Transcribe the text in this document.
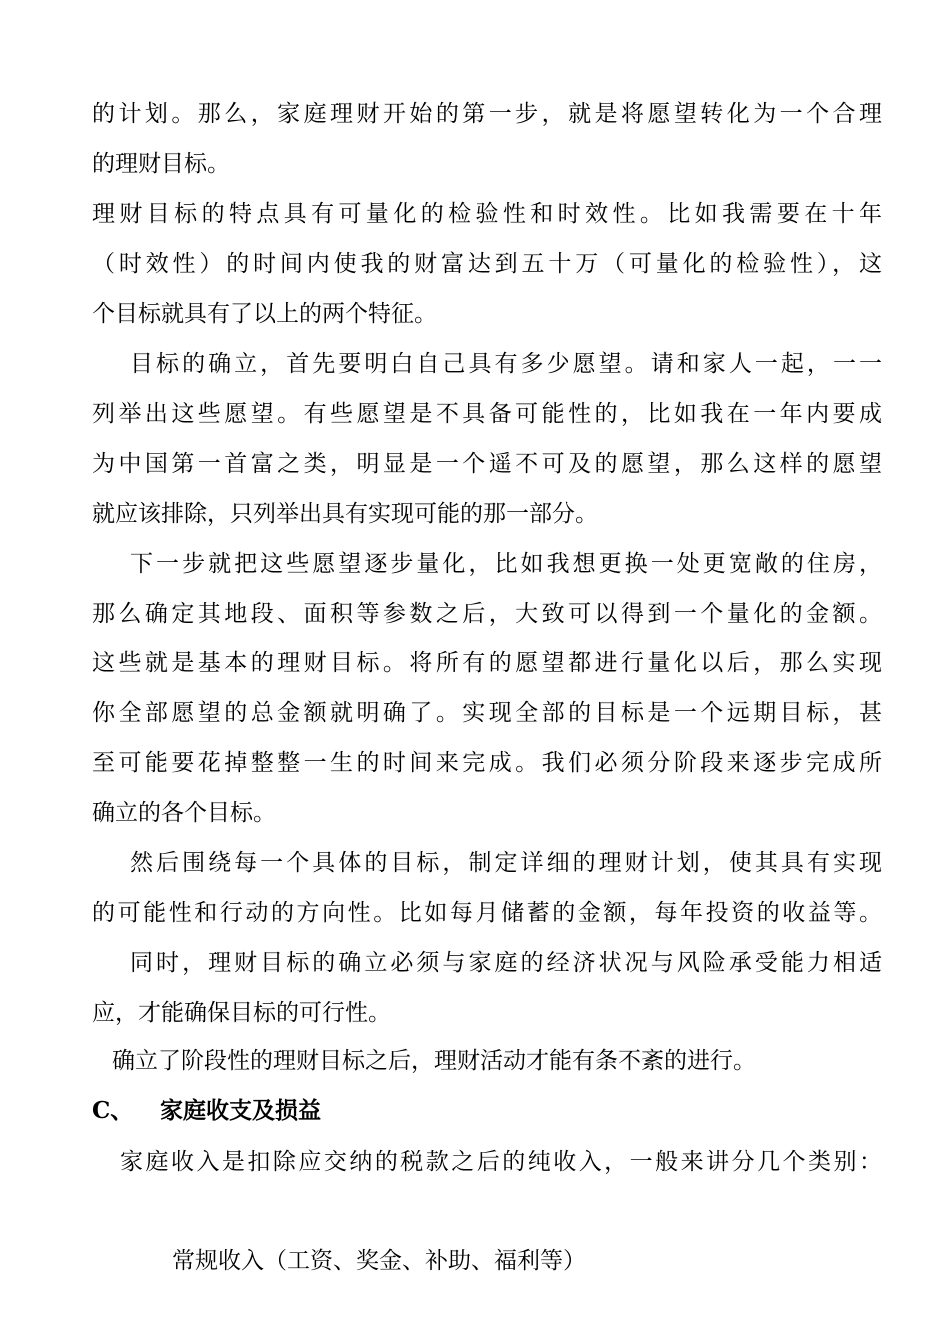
的计划。那么，家庭理财开始的第一步，就是将愿望转化为一个合理
的理财目标。
理财目标的特点具有可量化的检验性和时效性。比如我需要在十年
（时效性）的时间内使我的财富达到五十万（可量化的检验性），这
个目标就具有了以上的两个特征。
目标的确立，首先要明白自己具有多少愿望。请和家人一起，一一
列举出这些愿望。有些愿望是不具备可能性的，比如我在一年内要成
为中国第一首富之类，明显是一个遥不可及的愿望，那么这样的愿望
就应该排除，只列举出具有实现可能的那一部分。
下一步就把这些愿望逐步量化，比如我想更换一处更宽敞的住房，
那么确定其地段、面积等参数之后，大致可以得到一个量化的金额。
这些就是基本的理财目标。将所有的愿望都进行量化以后，那么实现
你全部愿望的总金额就明确了。实现全部的目标是一个远期目标，甚
至可能要花掉整整一生的时间来完成。我们必须分阶段来逐步完成所
确立的各个目标。
然后围绕每一个具体的目标，制定详细的理财计划，使其具有实现
的可能性和行动的方向性。比如每月储蓄的金额，每年投资的收益等。
同时，理财目标的确立必须与家庭的经济状况与风险承受能力相适
应，才能确保目标的可行性。
确立了阶段性的理财目标之后，理财活动才能有条不紊的进行。
C、 家庭收支及损益
家庭收入是扣除应交纳的税款之后的纯收入，一般来讲分几个类别：
常规收入（工资、奖金、补助、福利等）
